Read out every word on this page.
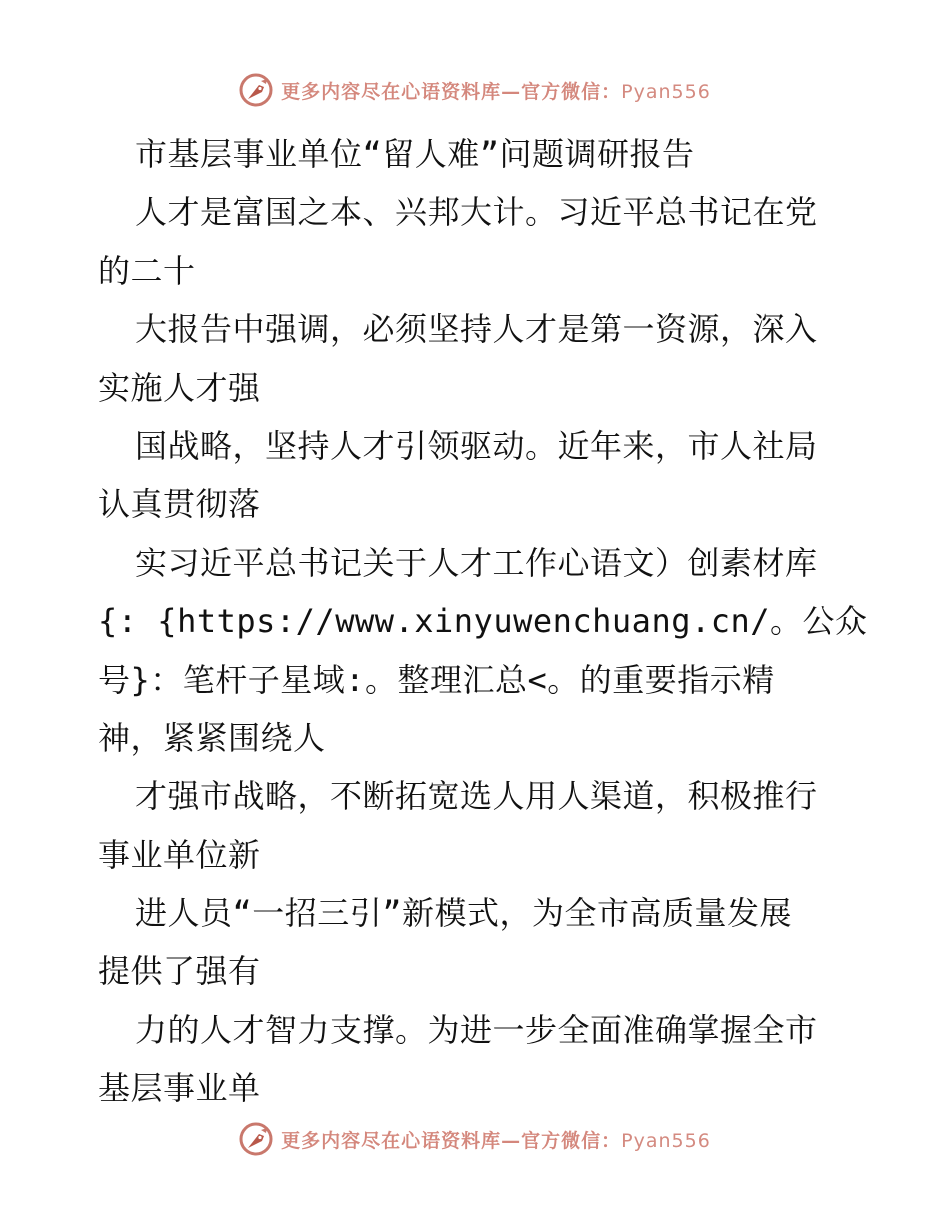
更多内容尽在心语资料库—官方微信：Pyan556
市基层事业单位“留人难”问题调研报告
人才是富国之本、兴邦大计。习近平总书记在党
的二十
大报告中强调，必须坚持人才是第一资源，深入
实施人才强
国战略，坚持人才引领驱动。近年来，市人社局
认真贯彻落
实习近平总书记关于人才工作心语文）创素材库
{: {https://www.xinyuwenchuang.cn/。公众
号}：笔杆子星域:。整理汇总<。的重要指示精
神，紧紧围绕人
才强市战略，不断拓宽选人用人渠道，积极推行
事业单位新
进人员“一招三引”新模式，为全市高质量发展
提供了强有
力的人才智力支撑。为进一步全面准确掌握全市
基层事业单
更多内容尽在心语资料库—官方微信：Pyan556
